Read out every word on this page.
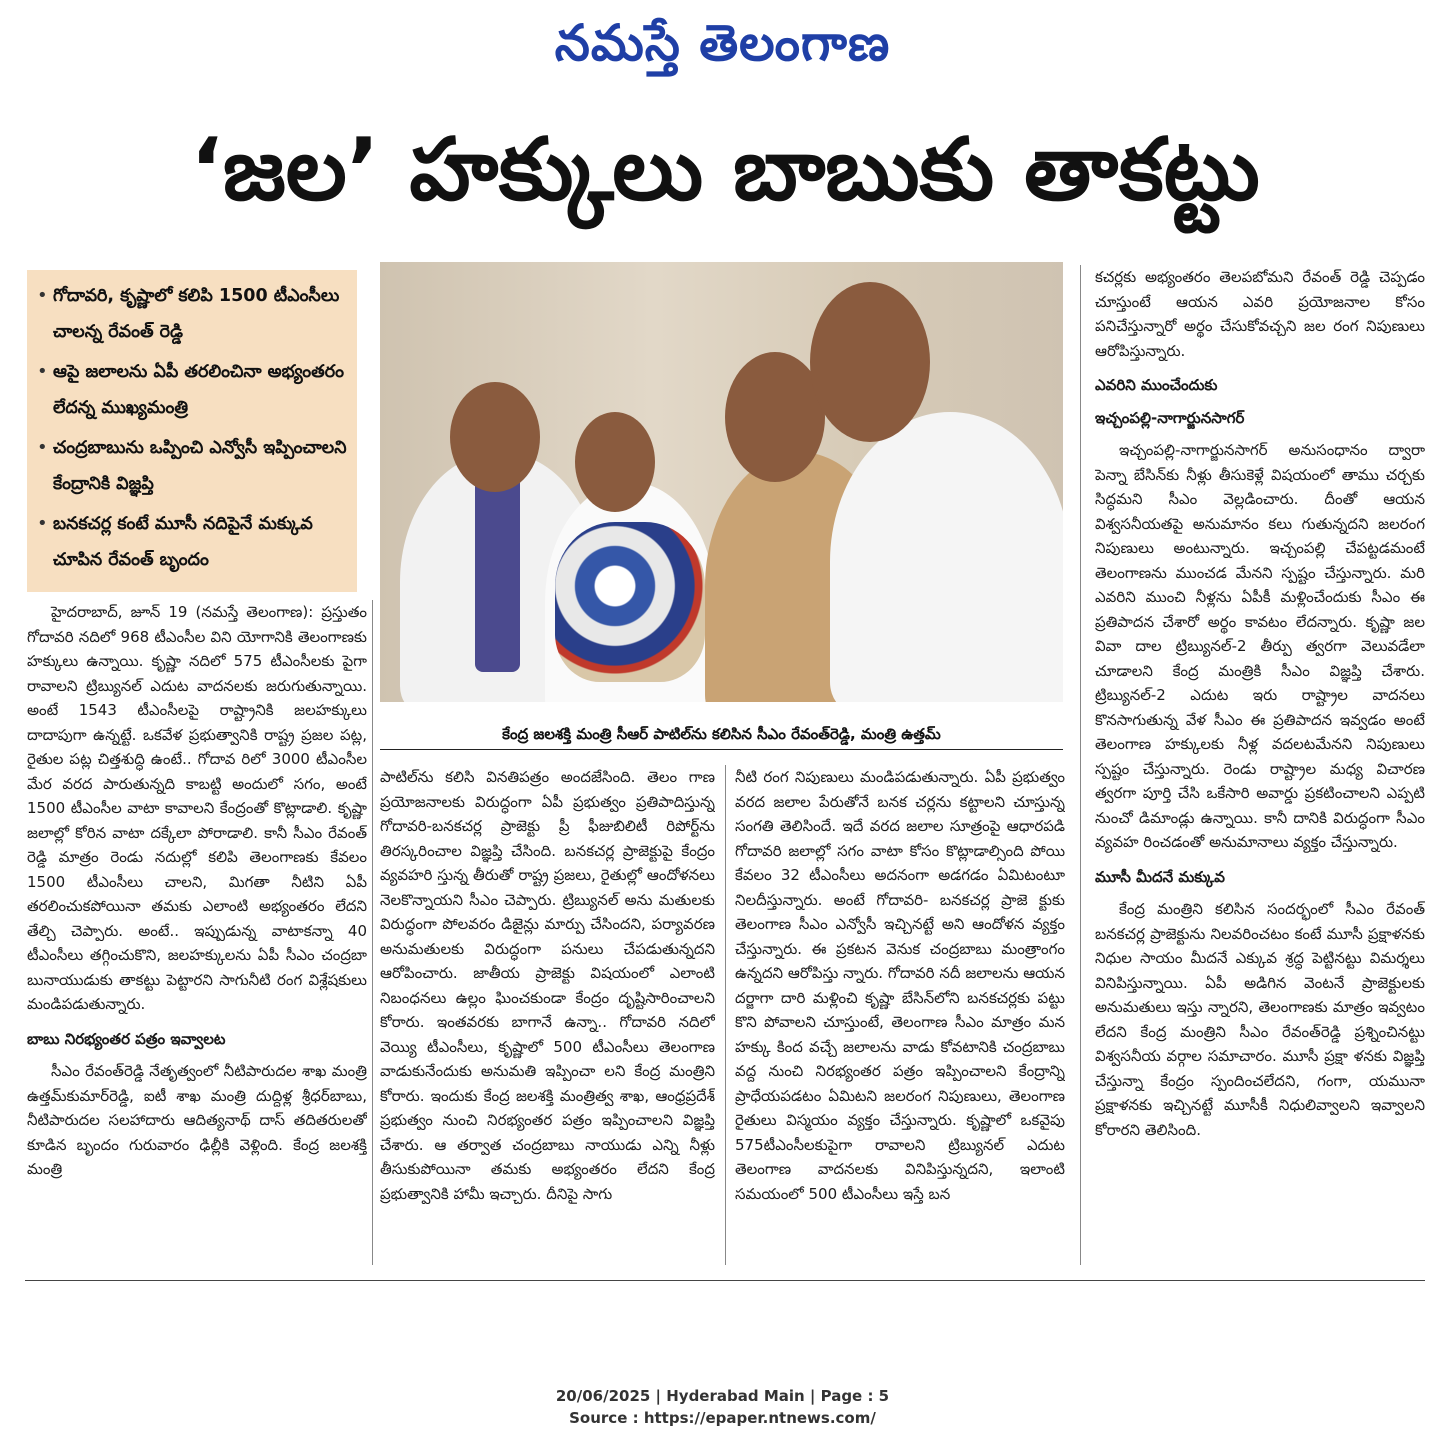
నమస్తే తెలంగాణ
‘జల’ హక్కులు బాబుకు తాకట్టు
• గోదావరి, కృష్ణాలో కలిపి 1500 టీఎంసీలు చాలన్న రేవంత్ రెడ్డి
• ఆపై జలాలను ఏపీ తరలించినా అభ్యంతరం లేదన్న ముఖ్యమంత్రి
• చంద్రబాబును ఒప్పించి ఎన్వోసీ ఇప్పించాలని కేంద్రానికి విజ్ఞప్తి
• బనకచర్ల కంటే మూసీ నదిపైనే మక్కువ చూపిన రేవంత్ బృందం

హైదరాబాద్, జూన్ 19 (నమస్తే తెలంగాణ): ప్రస్తుతం గోదావరి నదిలో 968 టీఎంసీల విని యోగానికి తెలంగాణకు హక్కులు ఉన్నాయి. కృష్ణా నదిలో 575 టీఎంసీలకు పైగా రావాలని ట్రిబ్యునల్ ఎదుట వాదనలకు జరుగుతున్నాయి. అంటే 1543 టీఎంసీలపై రాష్ట్రానికి జలహక్కులు దాదాపుగా ఉన్నట్టే. ఒకవేళ ప్రభుత్వానికి రాష్ట్ర ప్రజల పట్ల, రైతుల పట్ల చిత్తశుద్ధి ఉంటే.. గోదావ రిలో 3000 టీఎంసీల మేర వరద పారుతున్నది కాబట్టి అందులో సగం, అంటే 1500 టీఎంసీల వాటా కావాలని కేంద్రంతో కొట్లాడాలి. కృష్ణా జలాల్లో కోరిన వాటా దక్కేలా పోరాడాలి. కానీ సీఎం రేవంత్ రెడ్డి మాత్రం రెండు నదుల్లో కలిపి తెలంగాణకు కేవలం 1500 టీఎంసీలు చాలని, మిగతా నీటిని ఏపీ తరలించుకపోయినా తమకు ఎలాంటి అభ్యంతరం లేదని తేల్చి చెప్పారు. అంటే.. ఇప్పుడున్న వాటాకన్నా 40 టీఎంసీలు తగ్గించుకొని, జలహక్కులను ఏపీ సీఎం చంద్రబా బునాయుడుకు తాకట్టు పెట్టారని సాగునీటి రంగ విశ్లేషకులు మండిపడుతున్నారు.

బాబు నిరభ్యంతర పత్రం ఇవ్వాలట

సీఎం రేవంత్‌రెడ్డి నేతృత్వంలో నీటిపారుదల శాఖ మంత్రి ఉత్తమ్‌కుమార్‌రెడ్డి, ఐటీ శాఖ మంత్రి దుద్దిళ్ల శ్రీధర్‌బాబు, నీటిపారుదల సలహాదారు ఆదిత్యనాథ్ దాస్ తదితరులతో కూడిన బృందం గురువారం ఢిల్లీకి వెళ్లింది. కేంద్ర జలశక్తి మంత్రి

కేంద్ర జలశక్తి మంత్రి సీఆర్ పాటిల్‌ను కలిసిన సీఎం రేవంత్‌రెడ్డి, మంత్రి ఉత్తమ్

పాటిల్‌ను కలిసి వినతిపత్రం అందజేసింది. తెలం గాణ ప్రయోజనాలకు విరుద్ధంగా ఏపీ ప్రభుత్వం ప్రతిపాదిస్తున్న గోదావరి-బనకచర్ల ప్రాజెక్టు ప్రీ ఫీజుబిలిటీ రిపోర్ట్‌ను తిరస్కరించాల విజ్ఞప్తి చేసింది. బనకచర్ల ప్రాజెక్టుపై కేంద్రం వ్యవహరి స్తున్న తీరుతో రాష్ట్ర ప్రజలు, రైతుల్లో ఆందోళనలు నెలకొన్నాయని సీఎం చెప్పారు. ట్రిబ్యునల్ అను మతులకు విరుద్ధంగా పోలవరం డిజైన్లు మార్పు చేసిందని, పర్యావరణ అనుమతులకు విరుద్ధంగా పనులు చేపడుతున్నదని ఆరోపించారు. జాతీయ ప్రాజెక్టు విషయంలో ఎలాంటి నిబంధనలు ఉల్లం ఘించకుండా కేంద్రం దృష్టిసారించాలని కోరారు. ఇంతవరకు బాగానే ఉన్నా.. గోదావరి నదిలో వెయ్యి టీఎంసీలు, కృష్ణాలో 500 టీఎంసీలు తెలంగాణ వాడుకునేందుకు అనుమతి ఇప్పించా లని కేంద్ర మంత్రిని కోరారు. ఇందుకు కేంద్ర జలశక్తి మంత్రిత్వ శాఖ, ఆంధ్రప్రదేశ్ ప్రభుత్వం నుంచి నిరభ్యంతర పత్రం ఇప్పించాలని విజ్ఞప్తి చేశారు. ఆ తర్వాత చంద్రబాబు నాయుడు ఎన్ని నీళ్లు తీసుకుపోయినా తమకు అభ్యంతరం లేదని కేంద్ర ప్రభుత్వానికి హామీ ఇచ్చారు. దీనిపై సాగు

నీటి రంగ నిపుణులు మండిపడుతున్నారు. ఏపీ ప్రభుత్వం వరద జలాల పేరుతోనే బనక చర్లను కట్టాలని చూస్తున్న సంగతి తెలిసిందే. ఇదే వరద జలాల సూత్రంపై ఆధారపడి గోదావరి జలాల్లో సగం వాటా కోసం కొట్లాడాల్సింది పోయి కేవలం 32 టీఎంసీలు అదనంగా అడగడం ఏమిటంటూ నిలదీస్తున్నారు. అంటే గోదావరి- బనకచర్ల ప్రాజె క్టుకు తెలంగాణ సీఎం ఎన్వోసీ ఇచ్చినట్టే అని ఆందోళన వ్యక్తం చేస్తున్నారు. ఈ ప్రకటన వెనుక చంద్రబాబు మంత్రాంగం ఉన్నదని ఆరోపిస్తు న్నారు. గోదావరి నదీ జలాలను ఆయన దర్జాగా దారి మళ్లించి కృష్ణా బేసిన్‌లోని బనకచర్లకు పట్టు కొని పోవాలని చూస్తుంటే, తెలంగాణ సీఎం మాత్రం మన హక్కు కింద వచ్చే జలాలను వాడు కోవటానికి చంద్రబాబు వద్ద నుంచి నిరభ్యంతర పత్రం ఇప్పించాలని కేంద్రాన్ని ప్రాధేయపడటం ఏమిటని జలరంగ నిపుణులు, తెలంగాణ రైతులు విస్మయం వ్యక్తం చేస్తున్నారు. కృష్ణాలో ఒకవైపు 575టీఎంసీలకుపైగా రావాలని ట్రిబ్యునల్ ఎదుట తెలంగాణ వాదనలకు వినిపిస్తున్నదని, ఇలాంటి సమయంలో 500 టీఎంసీలు ఇస్తే బన

కచర్లకు అభ్యంతరం తెలపబోమని రేవంత్ రెడ్డి చెప్పడం చూస్తుంటే ఆయన ఎవరి ప్రయోజనాల కోసం పనిచేస్తున్నారో అర్థం చేసుకోవచ్చని జల రంగ నిపుణులు ఆరోపిస్తున్నారు.

ఎవరిని ముంచేందుకు
ఇచ్చంపల్లి-నాగార్జునసాగర్

ఇచ్చంపల్లి-నాగార్జునసాగర్ అనుసంధానం ద్వారా పెన్నా బేసిన్‌కు నీళ్లు తీసుకెళ్లే విషయంలో తాము చర్చకు సిద్ధమని సీఎం వెల్లడించారు. దీంతో ఆయన విశ్వసనీయతపై అనుమానం కలు గుతున్నదని జలరంగ నిపుణులు అంటున్నారు. ఇచ్చంపల్లి చేపట్టడమంటే తెలంగాణను ముంచడ మేనని స్పష్టం చేస్తున్నారు. మరి ఎవరిని ముంచి నీళ్లను ఏపీకీ మళ్లించేందుకు సీఎం ఈ ప్రతిపాదన చేశారో అర్థం కావటం లేదన్నారు. కృష్ణా జల వివా దాల ట్రిబ్యునల్-2 తీర్పు త్వరగా వెలువడేలా చూడాలని కేంద్ర మంత్రికి సీఎం విజ్ఞప్తి చేశారు. ట్రిబ్యునల్-2 ఎదుట ఇరు రాష్ట్రాల వాదనలు కొనసాగుతున్న వేళ సీఎం ఈ ప్రతిపాదన ఇవ్వడం అంటే తెలంగాణ హక్కులకు నీళ్ల వదలటమేనని నిపుణులు స్పష్టం చేస్తున్నారు. రెండు రాష్ట్రాల మధ్య విచారణ త్వరగా పూర్తి చేసి ఒకేసారి అవార్డు ప్రకటించాలని ఎప్పటి నుంచో డిమాండ్లు ఉన్నాయి. కానీ దానికి విరుద్ధంగా సీఎం వ్యవహ రించడంతో అనుమానాలు వ్యక్తం చేస్తున్నారు.

మూసీ మీదనే మక్కువ

కేంద్ర మంత్రిని కలిసిన సందర్భంలో సీఎం రేవంత్ బనకచర్ల ప్రాజెక్టును నిలవరించటం కంటే మూసీ ప్రక్షాళనకు నిధుల సాయం మీదనే ఎక్కువ శ్రద్ధ పెట్టినట్టు విమర్శలు వినిపిస్తున్నాయి. ఏపీ అడిగిన వెంటనే ప్రాజెక్టులకు అనుమతులు ఇస్తు న్నారని, తెలంగాణకు మాత్రం ఇవ్వటం లేదని కేంద్ర మంత్రిని సీఎం రేవంత్‌రెడ్డి ప్రశ్నించినట్టు విశ్వసనీయ వర్గాల సమాచారం. మూసీ ప్రక్షా ళనకు విజ్ఞప్తి చేస్తున్నా కేంద్రం స్పందించలేదని, గంగా, యమునా ప్రక్షాళనకు ఇచ్చినట్టే మూసీకీ నిధులివ్వాలని ఇవ్వాలని కోరారని తెలిసింది.

20/06/2025 | Hyderabad Main | Page : 5
Source : https://epaper.ntnews.com/
